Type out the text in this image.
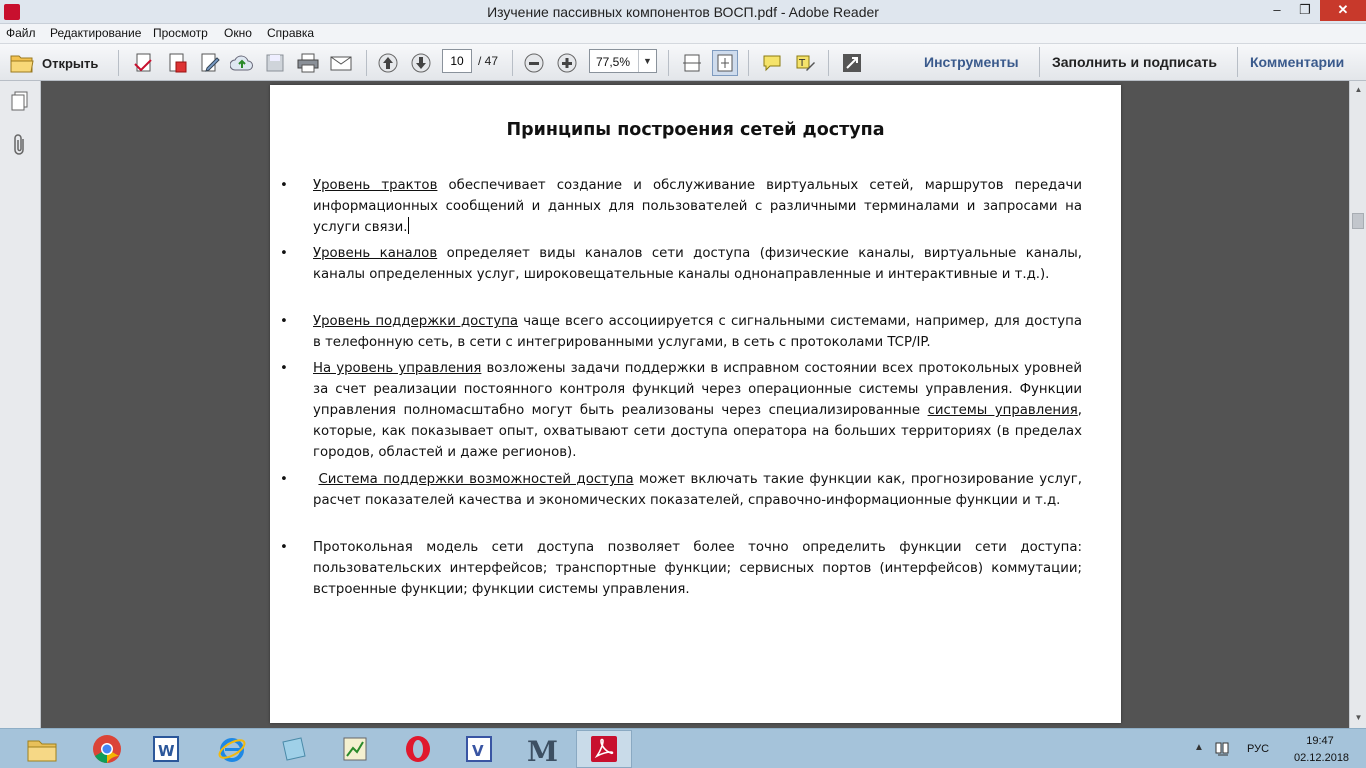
Изучение пассивных компонентов ВОСП.pdf - Adobe Reader	–	❐	✕
Файл Редактирование Просмотр Окно Справка
Открыть	T
10
/ 47	77,5%	▼	Инструменты Заполнить и подписать Комментарии
Принципы построения сетей доступа
• Уровень трактов обеспечивает создание и обслуживание виртуальных сетей, маршрутов передачи информационных сообщений и данных для пользователей с различными терминалами и запросами на услуги связи.
• Уровень каналов определяет виды каналов сети доступа (физические каналы, виртуальные каналы, каналы определенных услуг, широковещательные каналы однонаправленные и интерактивные и т.д.).
• Уровень поддержки доступа чаще всего ассоциируется с сигнальными системами, например, для доступа в телефонную сеть, в сети с интегрированными услугами, в сеть с протоколами TCP/IP.
• На уровень управления возложены задачи поддержки в исправном состоянии всех протокольных уровней за счет реализации постоянного контроля функций через операционные системы управления. Функции управления полномасштабно могут быть реализованы через специализированные системы управления, которые, как показывает опыт, охватывают сети доступа оператора на больших территориях (в пределах городов, областей и даже регионов).
•	Система поддержки возможностей доступа может включать такие функции как, прогнозирование услуг, расчет показателей качества и экономических показателей, справочно-информационные функции и т.д.
• Протокольная модель сети доступа позволяет более точно определить функции сети доступа: пользовательских интерфейсов; транспортные функции; сервисных портов (интерфейсов) коммутации; встроенные функции; функции системы управления.
▲
▼
W	V M	▲	РУС
19:47
02.12.2018
